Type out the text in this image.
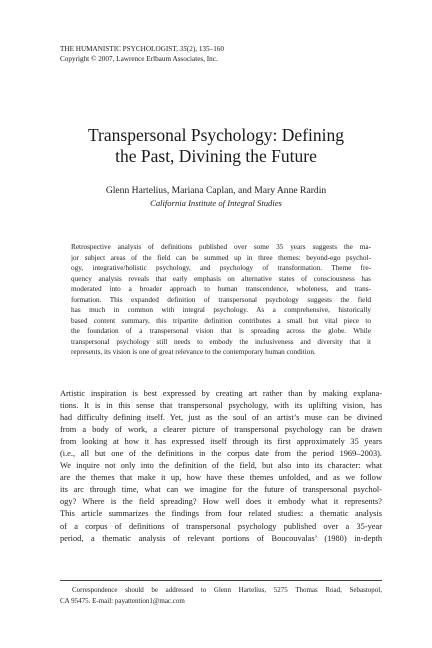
THE HUMANISTIC PSYCHOLOGIST, 35(2), 135–160
Copyright © 2007, Lawrence Erlbaum Associates, Inc.
Transpersonal Psychology: Defining
the Past, Divining the Future
Glenn Hartelius, Mariana Caplan, and Mary Anne Rardin
California Institute of Integral Studies
Retrospective analysis of definitions published over some 35 years suggests the ma-
jor subject areas of the field can be summed up in three themes: beyond-ego psychol-
ogy, integrative/holistic psychology, and psychology of transformation. Theme fre-
quency analysis reveals that early emphasis on alternative states of consciousness has
moderated into a broader approach to human transcendence, wholeness, and trans-
formation. This expanded definition of transpersonal psychology suggests the field
has much in common with integral psychology. As a comprehensive, historically
based content summary, this tripartite definition contributes a small but vital piece to
the foundation of a transpersonal vision that is spreading across the globe. While
transpersonal psychology still needs to embody the inclusiveness and diversity that it
represents, its vision is one of great relevance to the contemporary human condition.
Artistic inspiration is best expressed by creating art rather than by making explana-
tions. It is in this sense that transpersonal psychology, with its uplifting vision, has
had difficulty defining itself. Yet, just as the soul of an artist’s muse can be divined
from a body of work, a clearer picture of transpersonal psychology can be drawn
from looking at how it has expressed itself through its first approximately 35 years
(i.e., all but one of the definitions in the corpus date from the period 1969–2003).
We inquire not only into the definition of the field, but also into its character: what
are the themes that make it up, how have these themes unfolded, and as we follow
its arc through time, what can we imagine for the future of transpersonal psychol-
ogy? Where is the field spreading? How well does it embody what it represents?
This article summarizes the findings from four related studies: a thematic analysis
of a corpus of definitions of transpersonal psychology published over a 35-year
period, a thematic analysis of relevant portions of Boucouvalas’ (1980) in-depth
Correspondence should be addressed to Glenn Hartelius, 5275 Thomas Road, Sebastopol,
CA 95475. E-mail: payattention1@mac.com
